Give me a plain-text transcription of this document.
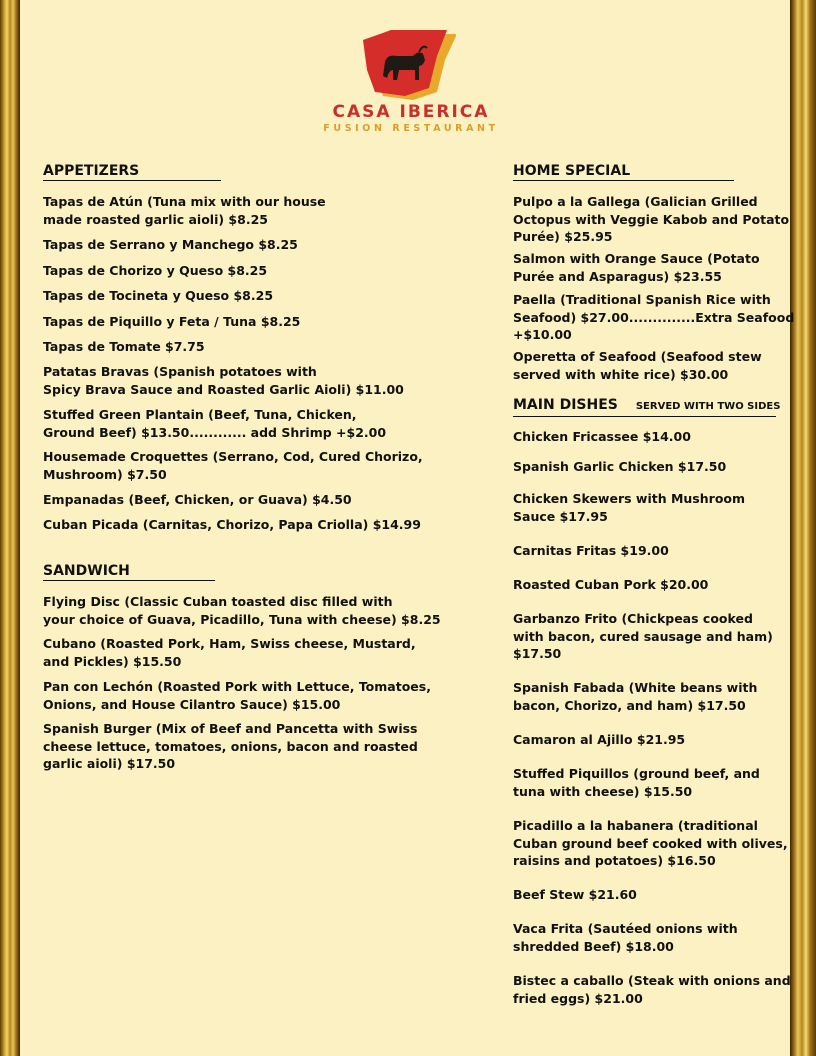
CASA IBERICA
FUSION RESTAURANT
APPETIZERS
Tapas de Atún (Tuna mix with our house
made roasted garlic aioli) $8.25
Tapas de Serrano y Manchego $8.25
Tapas de Chorizo y Queso $8.25
Tapas de Tocineta y Queso $8.25
Tapas de Piquillo y Feta / Tuna $8.25
Tapas de Tomate $7.75
Patatas Bravas (Spanish potatoes with
Spicy Brava Sauce and Roasted Garlic Aioli) $11.00
Stuffed Green Plantain (Beef, Tuna, Chicken,
Ground Beef) $13.50............ add Shrimp +$2.00
Housemade Croquettes (Serrano, Cod, Cured Chorizo,
Mushroom) $7.50
Empanadas (Beef, Chicken, or Guava) $4.50
Cuban Picada (Carnitas, Chorizo, Papa Criolla) $14.99
SANDWICH
Flying Disc (Classic Cuban toasted disc filled with
your choice of Guava, Picadillo, Tuna with cheese) $8.25
Cubano (Roasted Pork, Ham, Swiss cheese, Mustard,
and Pickles) $15.50
Pan con Lechón (Roasted Pork with Lettuce, Tomatoes,
Onions, and House Cilantro Sauce) $15.00
Spanish Burger (Mix of Beef and Pancetta with Swiss
cheese lettuce, tomatoes, onions, bacon and roasted
garlic aioli) $17.50
HOME SPECIAL
Pulpo a la Gallega (Galician Grilled
Octopus with Veggie Kabob and Potato
Purée) $25.95
Salmon with Orange Sauce (Potato
Purée and Asparagus) $23.55
Paella (Traditional Spanish Rice with
Seafood) $27.00..............Extra Seafood
+$10.00
Operetta of Seafood (Seafood stew
served with white rice) $30.00
MAIN DISHES SERVED WITH TWO SIDES
Chicken Fricassee $14.00
Spanish Garlic Chicken $17.50
Chicken Skewers with Mushroom
Sauce $17.95
Carnitas Fritas $19.00
Roasted Cuban Pork $20.00
Garbanzo Frito (Chickpeas cooked
with bacon, cured sausage and ham)
$17.50
Spanish Fabada (White beans with
bacon, Chorizo, and ham) $17.50
Camaron al Ajillo $21.95
Stuffed Piquillos (ground beef, and
tuna with cheese) $15.50
Picadillo a la habanera (traditional
Cuban ground beef cooked with olives,
raisins and potatoes) $16.50
Beef Stew $21.60
Vaca Frita (Sautéed onions with
shredded Beef) $18.00
Bistec a caballo (Steak with onions and
fried eggs) $21.00
